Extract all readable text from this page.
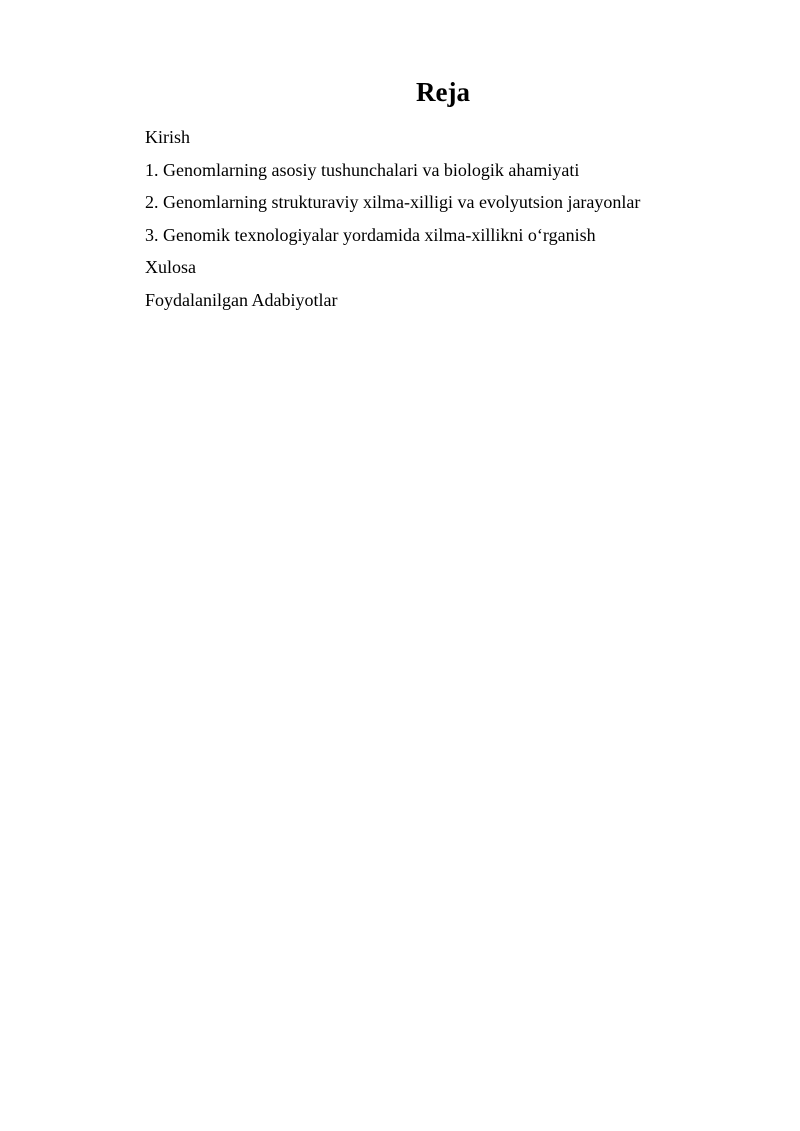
Reja
Kirish
1. Genomlarning asosiy tushunchalari va biologik ahamiyati
2. Genomlarning strukturaviy xilma-xilligi va evolyutsion jarayonlar
3. Genomik texnologiyalar yordamida xilma-xillikni o‘rganish
Xulosa
Foydalanilgan Adabiyotlar
